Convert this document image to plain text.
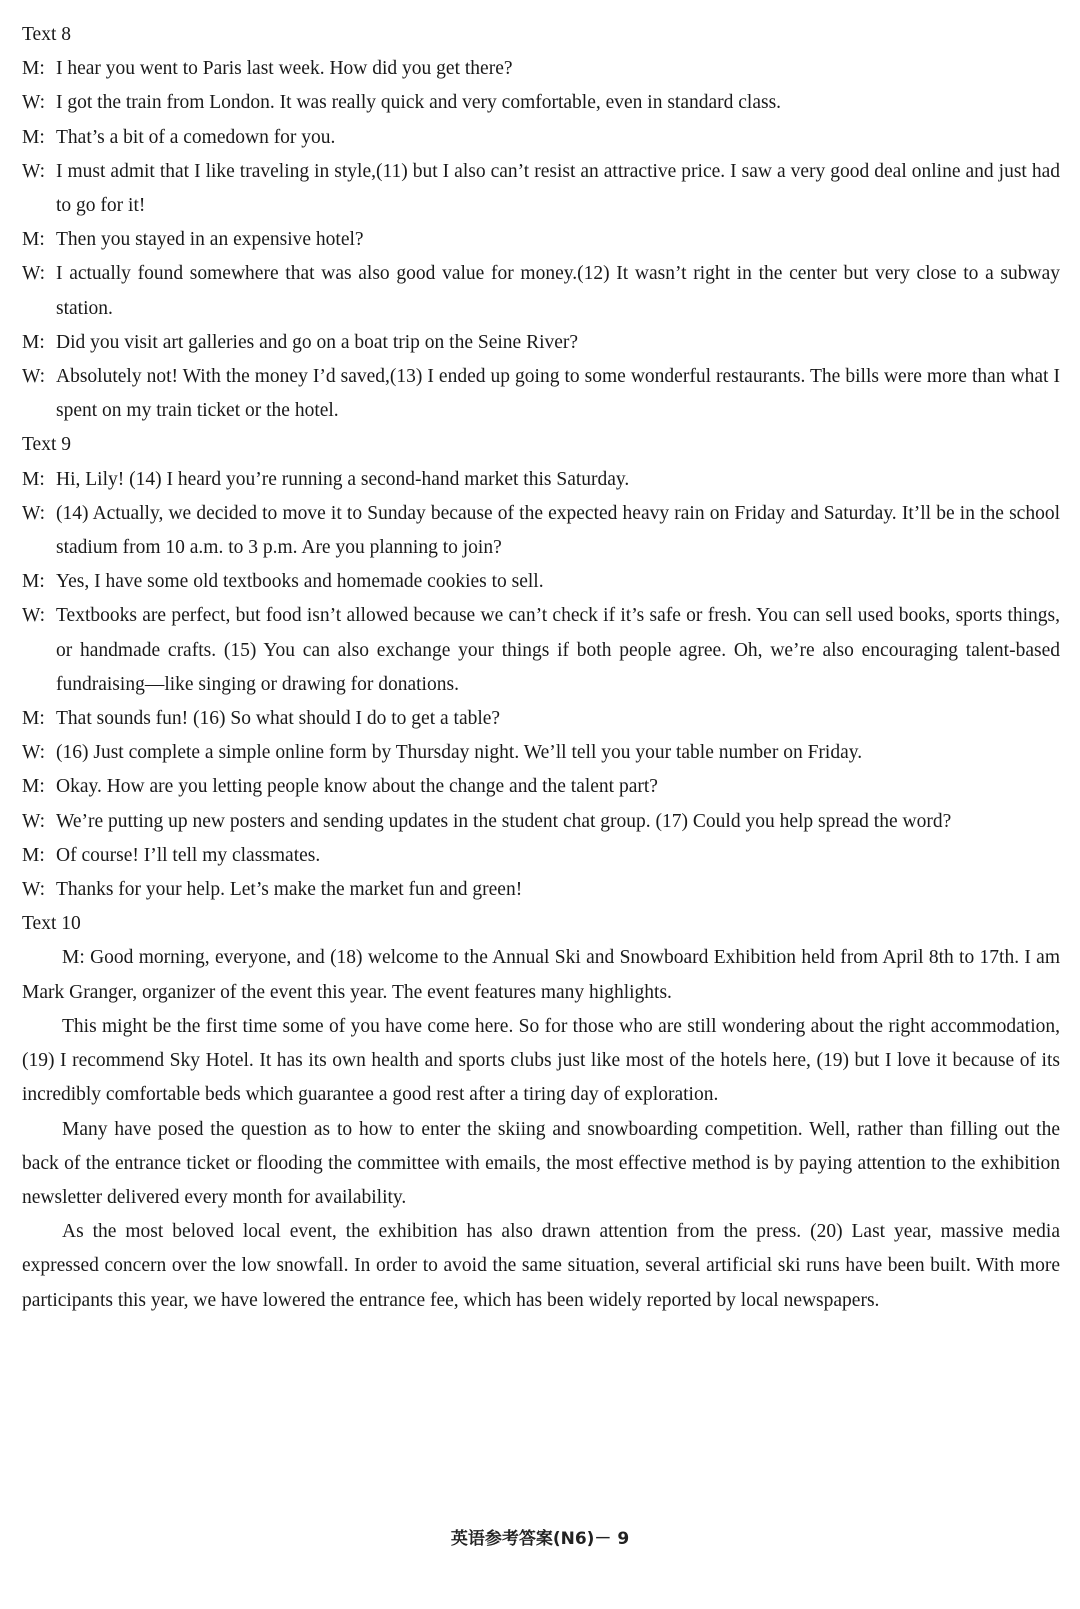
Text 8

M: I hear you went to Paris last week. How did you get there?
W: I got the train from London. It was really quick and very comfortable, even in standard class.
M: That’s a bit of a comedown for you.
W: I must admit that I like traveling in style,(11) but I also can’t resist an attractive price. I saw a very good deal online and just had to go for it!
M: Then you stayed in an expensive hotel?
W: I actually found somewhere that was also good value for money.(12) It wasn’t right in the center but very close to a subway station.
M: Did you visit art galleries and go on a boat trip on the Seine River?
W: Absolutely not! With the money I’d saved,(13) I ended up going to some wonderful restaurants. The bills were more than what I spent on my train ticket or the hotel.

Text 9

M: Hi, Lily! (14) I heard you’re running a second-hand market this Saturday.
W: (14) Actually, we decided to move it to Sunday because of the expected heavy rain on Friday and Saturday. It’ll be in the school stadium from 10 a.m. to 3 p.m. Are you planning to join?
M: Yes, I have some old textbooks and homemade cookies to sell.
W: Textbooks are perfect, but food isn’t allowed because we can’t check if it’s safe or fresh. You can sell used books, sports things, or handmade crafts. (15) You can also exchange your things if both people agree. Oh, we’re also encouraging talent-based fundraising—like singing or drawing for donations.
M: That sounds fun! (16) So what should I do to get a table?
W: (16) Just complete a simple online form by Thursday night. We’ll tell you your table number on Friday.
M: Okay. How are you letting people know about the change and the talent part?
W: We’re putting up new posters and sending updates in the student chat group. (17) Could you help spread the word?
M: Of course! I’ll tell my classmates.
W: Thanks for your help. Let’s make the market fun and green!

Text 10

M: Good morning, everyone, and (18) welcome to the Annual Ski and Snowboard Exhibition held from April 8th to 17th. I am Mark Granger, organizer of the event this year. The event features many highlights.

This might be the first time some of you have come here. So for those who are still wondering about the right accommodation, (19) I recommend Sky Hotel. It has its own health and sports clubs just like most of the hotels here, (19) but I love it because of its incredibly comfortable beds which guarantee a good rest after a tiring day of exploration.

Many have posed the question as to how to enter the skiing and snowboarding competition. Well, rather than filling out the back of the entrance ticket or flooding the committee with emails, the most effective method is by paying attention to the exhibition newsletter delivered every month for availability.

As the most beloved local event, the exhibition has also drawn attention from the press. (20) Last year, massive media expressed concern over the low snowfall. In order to avoid the same situation, several artificial ski runs have been built. With more participants this year, we have lowered the entrance fee, which has been widely reported by local newspapers.

英语参考答案(N6)－ 9
